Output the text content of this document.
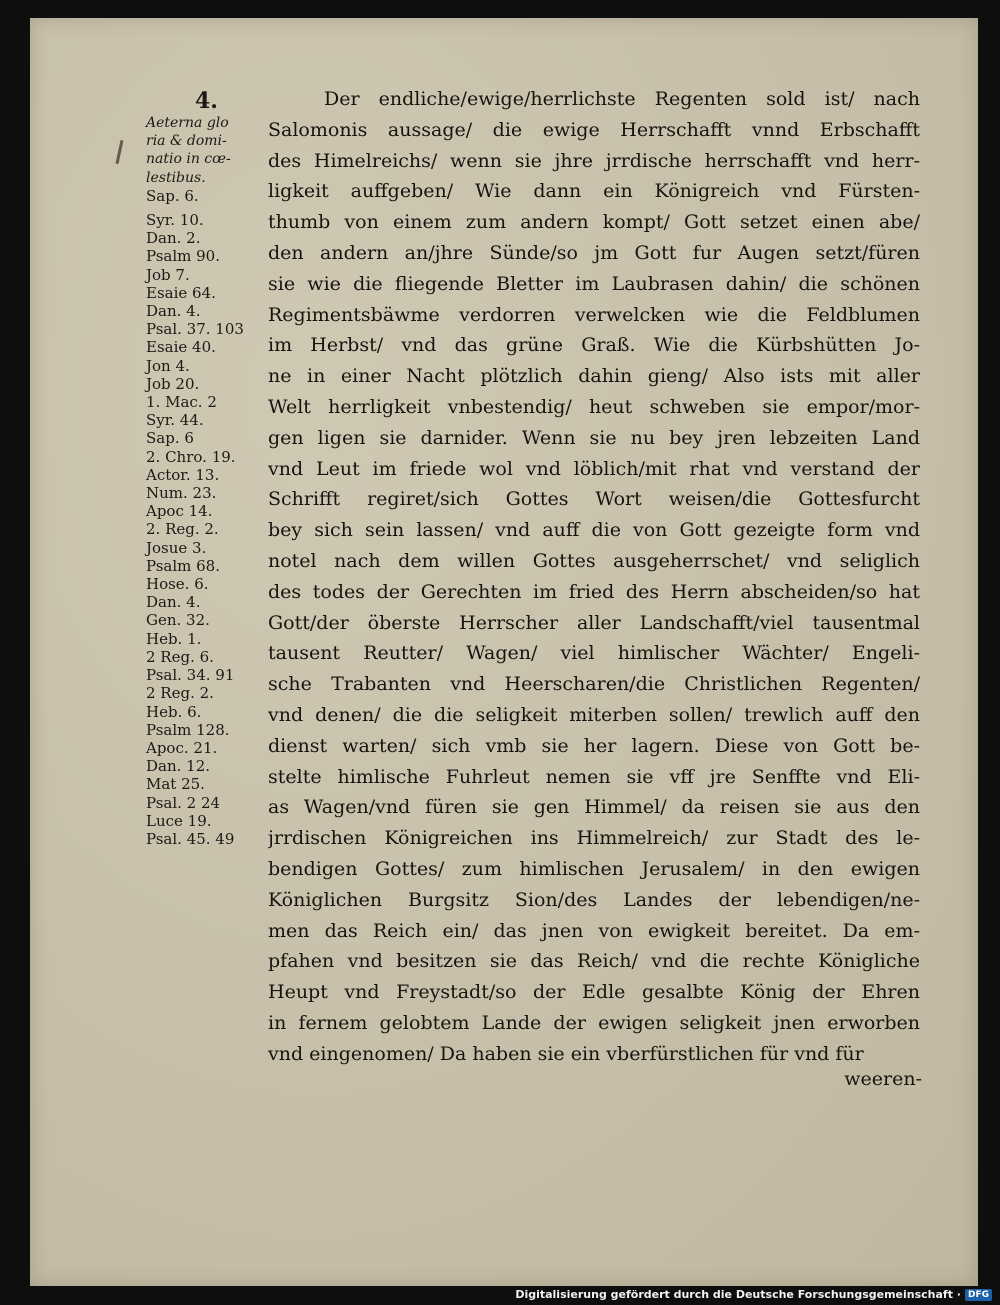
4.
Aeterna glo
ria & domi-
natio in cœ-
lestibus.
Sap. 6.
Syr. 10.
Dan. 2.
Psalm 90.
Job 7.
Esaie 64.
Dan. 4.
Psal. 37. 103
Esaie 40.
Jon 4.
Job 20.
1. Mac. 2
Syr. 44.
Sap. 6
2. Chro. 19.
Actor. 13.
Num. 23.
Apoc 14.
2. Reg. 2.
Josue 3.
Psalm 68.
Hose. 6.
Dan. 4.
Gen. 32.
Heb. 1.
2 Reg. 6.
Psal. 34. 91
2 Reg. 2.
Heb. 6.
Psalm 128.
Apoc. 21.
Dan. 12.
Mat 25.
Psal. 2 24
Luce 19.
Psal. 45. 49
Der endliche/ewige/herrlichste Regenten sold ist/ nach
Salomonis aussage/ die ewige Herrschafft vnnd Erbschafft
des Himelreichs/ wenn sie jhre jrrdische herrschafft vnd herr-
ligkeit auffgeben/ Wie dann ein Königreich vnd Fürsten-
thumb von einem zum andern kompt/ Gott setzet einen abe/
den andern an/jhre Sünde/so jm Gott fur Augen setzt/füren
sie wie die fliegende Bletter im Laubrasen dahin/ die schönen
Regimentsbäwme verdorren verwelcken wie die Feldblumen
im Herbst/ vnd das grüne Graß. Wie die Kürbshütten Jo-
ne in einer Nacht plötzlich dahin gieng/ Also ists mit aller
Welt herrligkeit vnbestendig/ heut schweben sie empor/mor-
gen ligen sie darnider. Wenn sie nu bey jren lebzeiten Land
vnd Leut im friede wol vnd löblich/mit rhat vnd verstand der
Schrifft regiret/sich Gottes Wort weisen/die Gottesfurcht
bey sich sein lassen/ vnd auff die von Gott gezeigte form vnd
notel nach dem willen Gottes ausgeherrschet/ vnd seliglich
des todes der Gerechten im fried des Herrn abscheiden/so hat
Gott/der öberste Herrscher aller Landschafft/viel tausentmal
tausent Reutter/ Wagen/ viel himlischer Wächter/ Engeli-
sche Trabanten vnd Heerscharen/die Christlichen Regenten/
vnd denen/ die die seligkeit miterben sollen/ trewlich auff den
dienst warten/ sich vmb sie her lagern. Diese von Gott be-
stelte himlische Fuhrleut nemen sie vff jre Senffte vnd Eli-
as Wagen/vnd füren sie gen Himmel/ da reisen sie aus den
jrrdischen Königreichen ins Himmelreich/ zur Stadt des le-
bendigen Gottes/ zum himlischen Jerusalem/ in den ewigen
Königlichen Burgsitz Sion/des Landes der lebendigen/ne-
men das Reich ein/ das jnen von ewigkeit bereitet. Da em-
pfahen vnd besitzen sie das Reich/ vnd die rechte Königliche
Heupt vnd Freystadt/so der Edle gesalbte König der Ehren
in fernem gelobtem Lande der ewigen seligkeit jnen erworben
vnd eingenomen/ Da haben sie ein vberfürstlichen für vnd für
weeren-
Digitalisierung gefördert durch die Deutsche Forschungsgemeinschaft · DFG
